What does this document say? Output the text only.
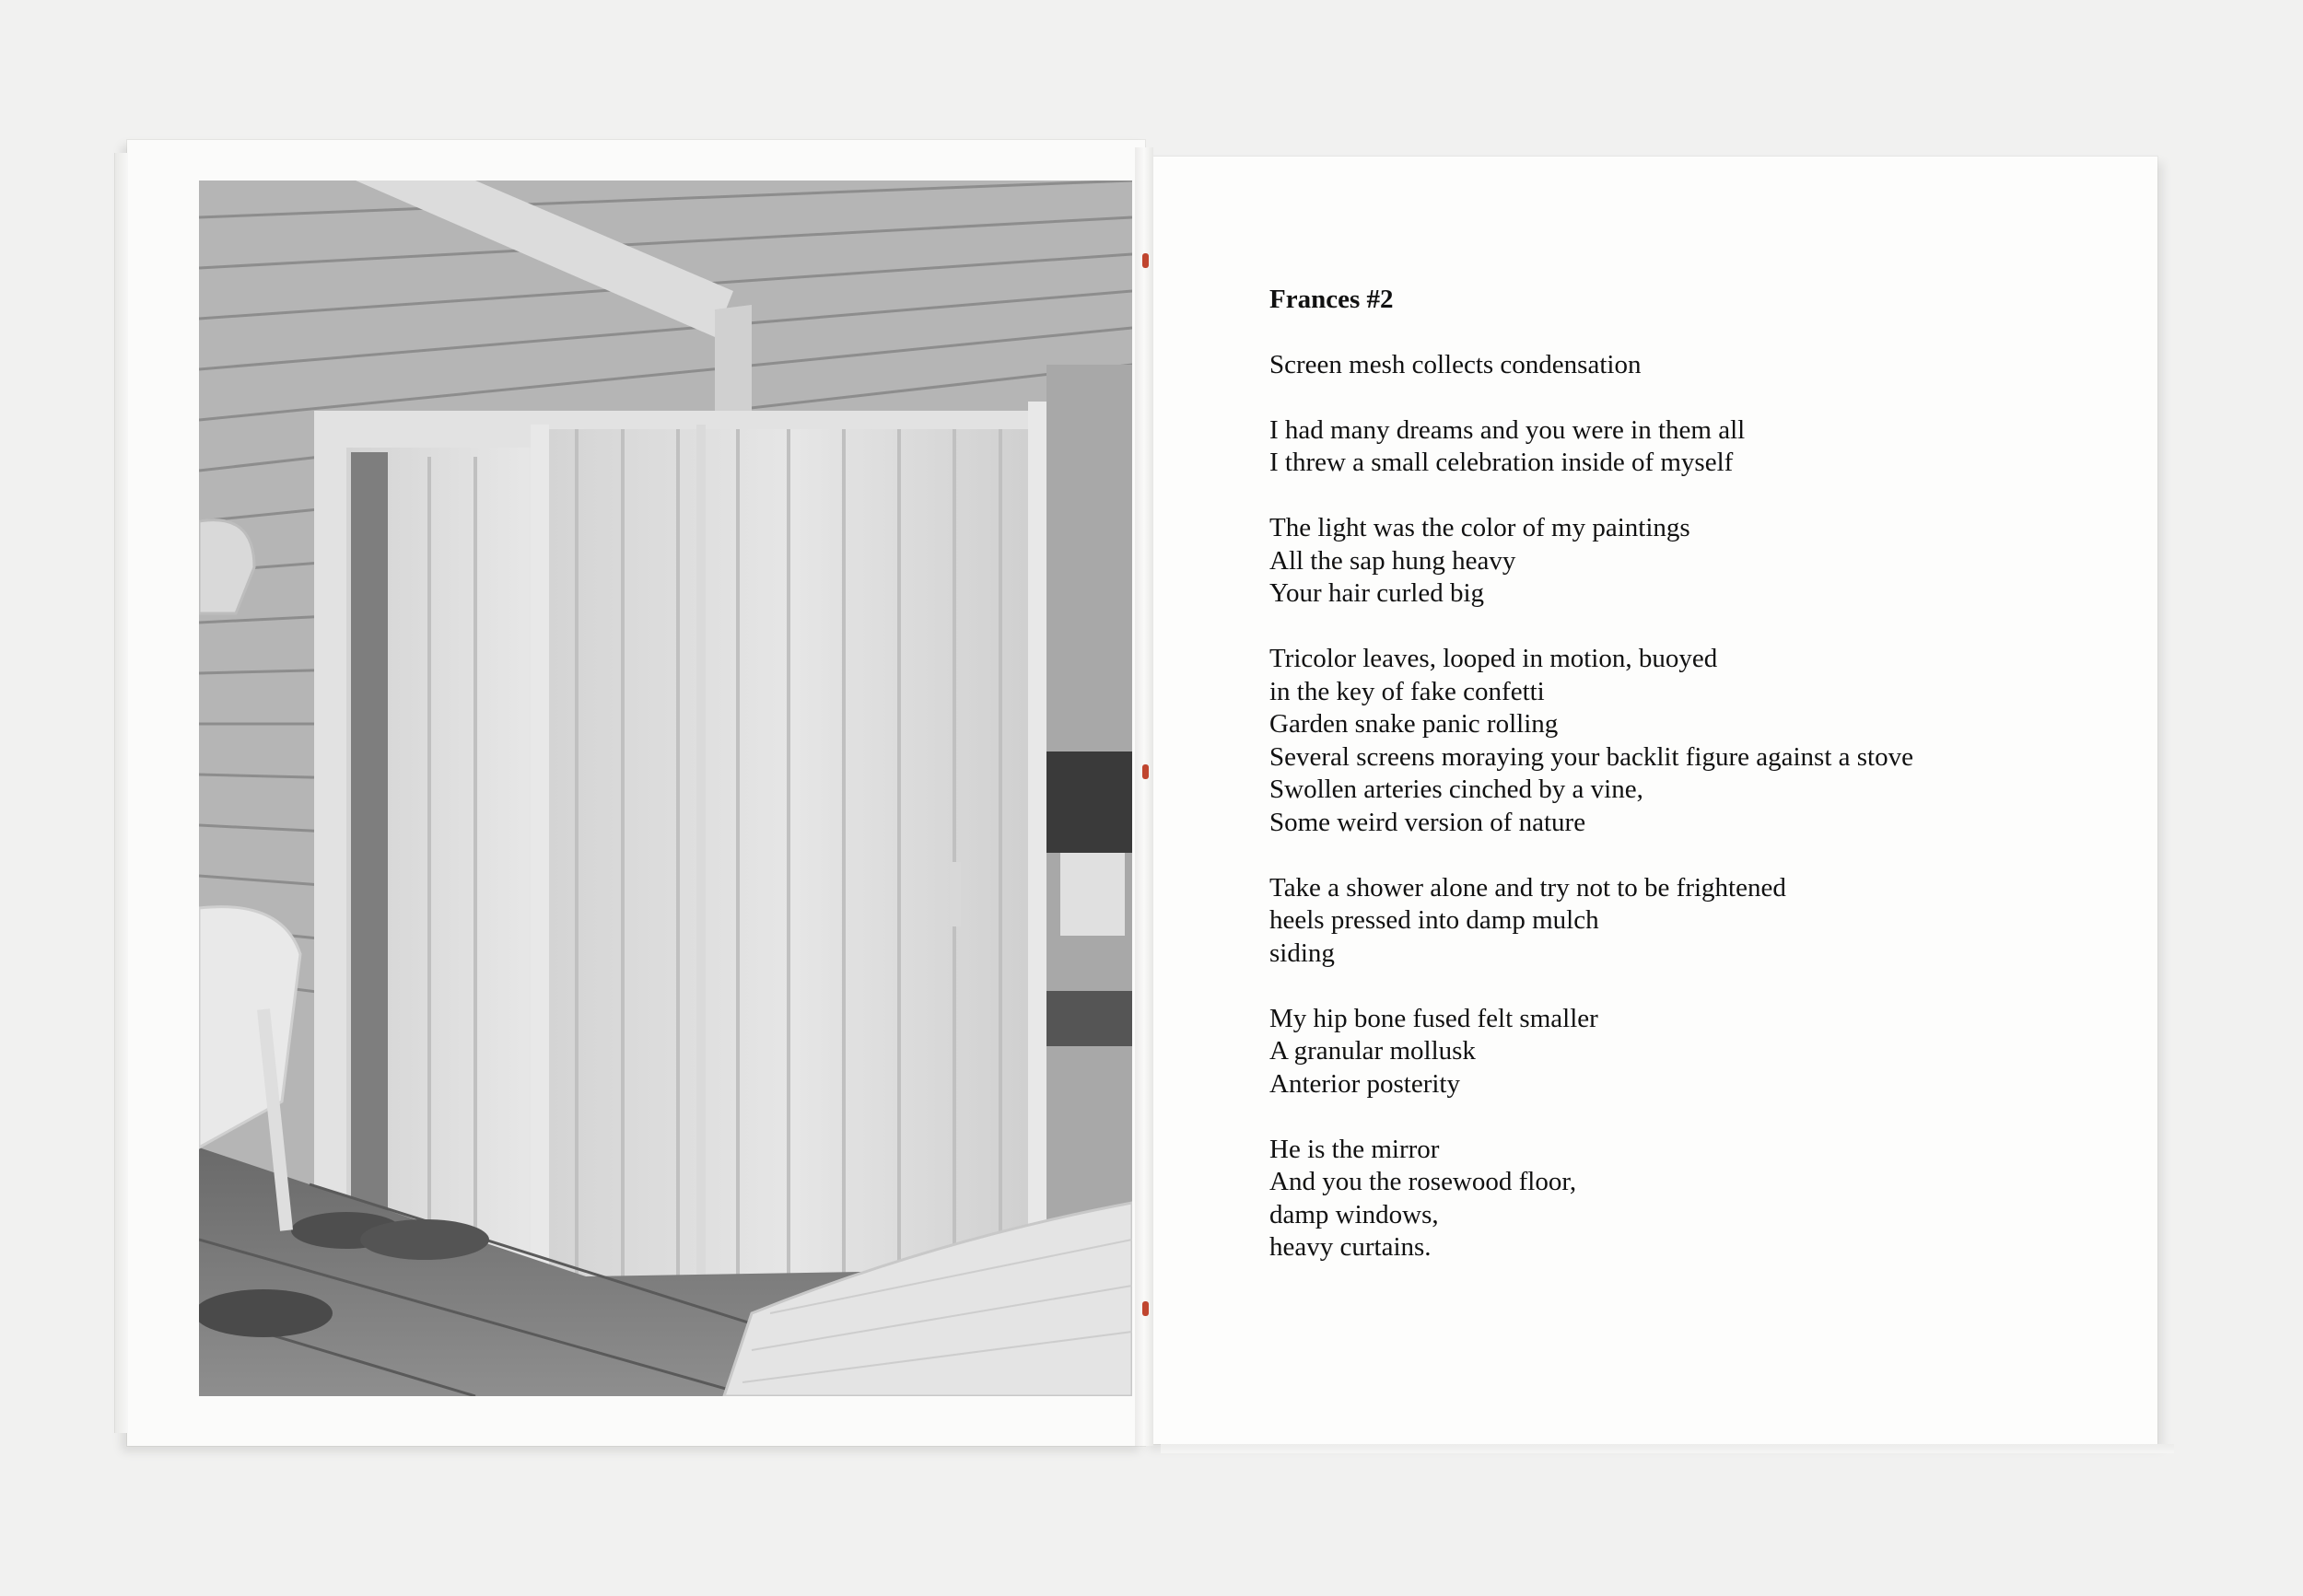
Frances #2
Screen mesh collects condensation
I had many dreams and you were in them all
I threw a small celebration inside of myself
The light was the color of my paintings
All the sap hung heavy
Your hair curled big
Tricolor leaves, looped in motion, buoyed
in the key of fake confetti
Garden snake panic rolling
Several screens moraying your backlit figure against a stove
Swollen arteries cinched by a vine,
Some weird version of nature
Take a shower alone and try not to be frightened
heels pressed into damp mulch
siding
My hip bone fused felt smaller
A granular mollusk
Anterior posterity
He is the mirror
And you the rosewood floor,
damp windows,
heavy curtains.
